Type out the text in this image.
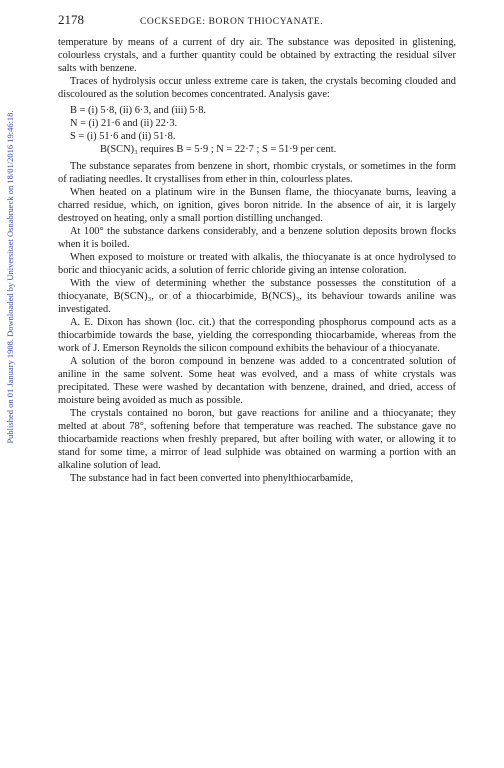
Published on 01 January 1908. Downloaded by Universitaet Osnabrueck on 18/01/2016 19:46:18.
2178	COCKSEDGE: BORON THIOCYANATE.

temperature by means of a current of dry air. The substance was deposited in glistening, colourless crystals, and a further quantity could be obtained by extracting the residual silver salts with benzene.

Traces of hydrolysis occur unless extreme care is taken, the crystals becoming clouded and discoloured as the solution becomes concentrated. Analysis gave:

B = (i) 5·8, (ii) 6·3, and (iii) 5·8.
N = (i) 21·6 and (ii) 22·3.
S = (i) 51·6 and (ii) 51·8.
B(SCN)₃ requires B = 5·9 ; N = 22·7 ; S = 51·9 per cent.

The substance separates from benzene in short, rhombic crystals, or sometimes in the form of radiating needles. It crystallises from ether in thin, colourless plates.

When heated on a platinum wire in the Bunsen flame, the thiocyanate burns, leaving a charred residue, which, on ignition, gives boron nitride. In the absence of air, it is largely destroyed on heating, only a small portion distilling unchanged.

At 100° the substance darkens considerably, and a benzene solution deposits brown flocks when it is boiled.

When exposed to moisture or treated with alkalis, the thiocyanate is at once hydrolysed to boric and thiocyanic acids, a solution of ferric chloride giving an intense coloration.

With the view of determining whether the substance possesses the constitution of a thiocyanate, B(SCN)₃, or of a thiocarbimide, B(NCS)₃, its behaviour towards aniline was investigated.

A. E. Dixon has shown (loc. cit.) that the corresponding phosphorus compound acts as a thiocarbimide towards the base, yielding the corresponding thiocarbamide, whereas from the work of J. Emerson Reynolds the silicon compound exhibits the behaviour of a thiocyanate.

A solution of the boron compound in benzene was added to a concentrated solution of aniline in the same solvent. Some heat was evolved, and a mass of white crystals was precipitated. These were washed by decantation with benzene, drained, and dried, access of moisture being avoided as much as possible.

The crystals contained no boron, but gave reactions for aniline and a thiocyanate; they melted at about 78°, softening before that temperature was reached. The substance gave no thiocarbamide reactions when freshly prepared, but after boiling with water, or allowing it to stand for some time, a mirror of lead sulphide was obtained on warming a portion with an alkaline solution of lead.

The substance had in fact been converted into phenylthiocarbamide,
